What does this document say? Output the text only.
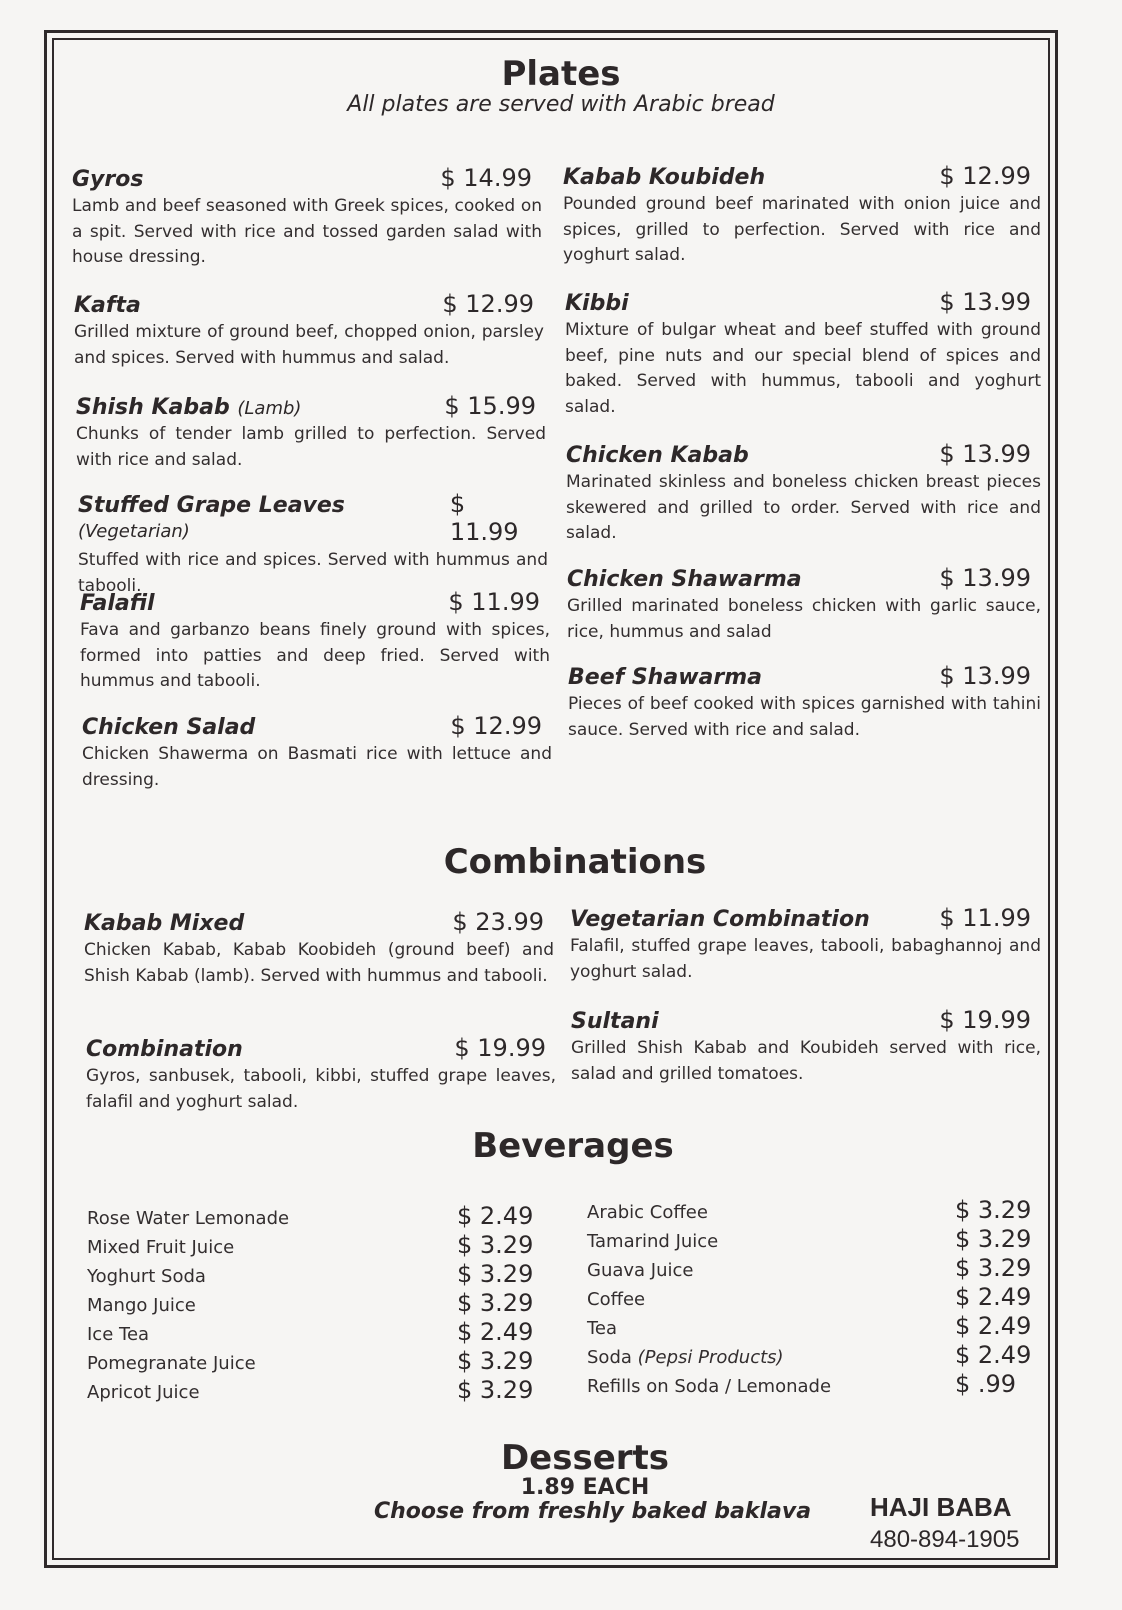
Plates
All plates are served with Arabic bread
Gyros	$ 14.99
Lamb and beef seasoned with Greek spices, cooked on a spit. Served with rice and tossed garden salad with house dressing.
Kafta	$ 12.99
Grilled mixture of ground beef, chopped onion, parsley and spices. Served with hummus and salad.
Shish Kabab (Lamb)	$ 15.99
Chunks of tender lamb grilled to perfection. Served with rice and salad.
Stuffed Grape Leaves (Vegetarian)
$ 11.99
Stuffed with rice and spices. Served with hummus and tabooli.
Falafil	$ 11.99
Fava and garbanzo beans finely ground with spices, formed into patties and deep fried. Served with hummus and tabooli.
Chicken Salad	$ 12.99
Chicken Shawerma on Basmati rice with lettuce and dressing.
Kabab Koubideh	$ 12.99
Pounded ground beef marinated with onion juice and spices, grilled to perfection. Served with rice and yoghurt salad.
Kibbi	$ 13.99
Mixture of bulgar wheat and beef stuffed with ground beef, pine nuts and our special blend of spices and baked. Served with hummus, tabooli and yoghurt salad.
Chicken Kabab	$ 13.99
Marinated skinless and boneless chicken breast pieces skewered and grilled to order. Served with rice and salad.
Chicken Shawarma	$ 13.99
Grilled marinated boneless chicken with garlic sauce, rice, hummus and salad
Beef Shawarma	$ 13.99
Pieces of beef cooked with spices garnished with tahini sauce. Served with rice and salad.
Combinations
Kabab Mixed	$ 23.99
Chicken Kabab, Kabab Koobideh (ground beef) and Shish Kabab (lamb). Served with hummus and tabooli.
Combination	$ 19.99
Gyros, sanbusek, tabooli, kibbi, stuffed grape leaves, falafil and yoghurt salad.
Vegetarian Combination	$ 11.99
Falafil, stuffed grape leaves, tabooli, babaghannoj and yoghurt salad.
Sultani	$ 19.99
Grilled Shish Kabab and Koubideh served with rice, salad and grilled tomatoes.
Beverages
Rose Water Lemonade	$ 2.49
Mixed Fruit Juice	$ 3.29
Yoghurt Soda	$ 3.29
Mango Juice	$ 3.29
Ice Tea	$ 2.49
Pomegranate Juice	$ 3.29
Apricot Juice	$ 3.29
Arabic Coffee	$ 3.29
Tamarind Juice	$ 3.29
Guava Juice	$ 3.29
Coffee	$ 2.49
Tea	$ 2.49
Soda (Pepsi Products)	$ 2.49
Refills on Soda / Lemonade	$ .99
Desserts
1.89 EACH
Choose from freshly baked baklava HAJI BABA
480-894-1905
